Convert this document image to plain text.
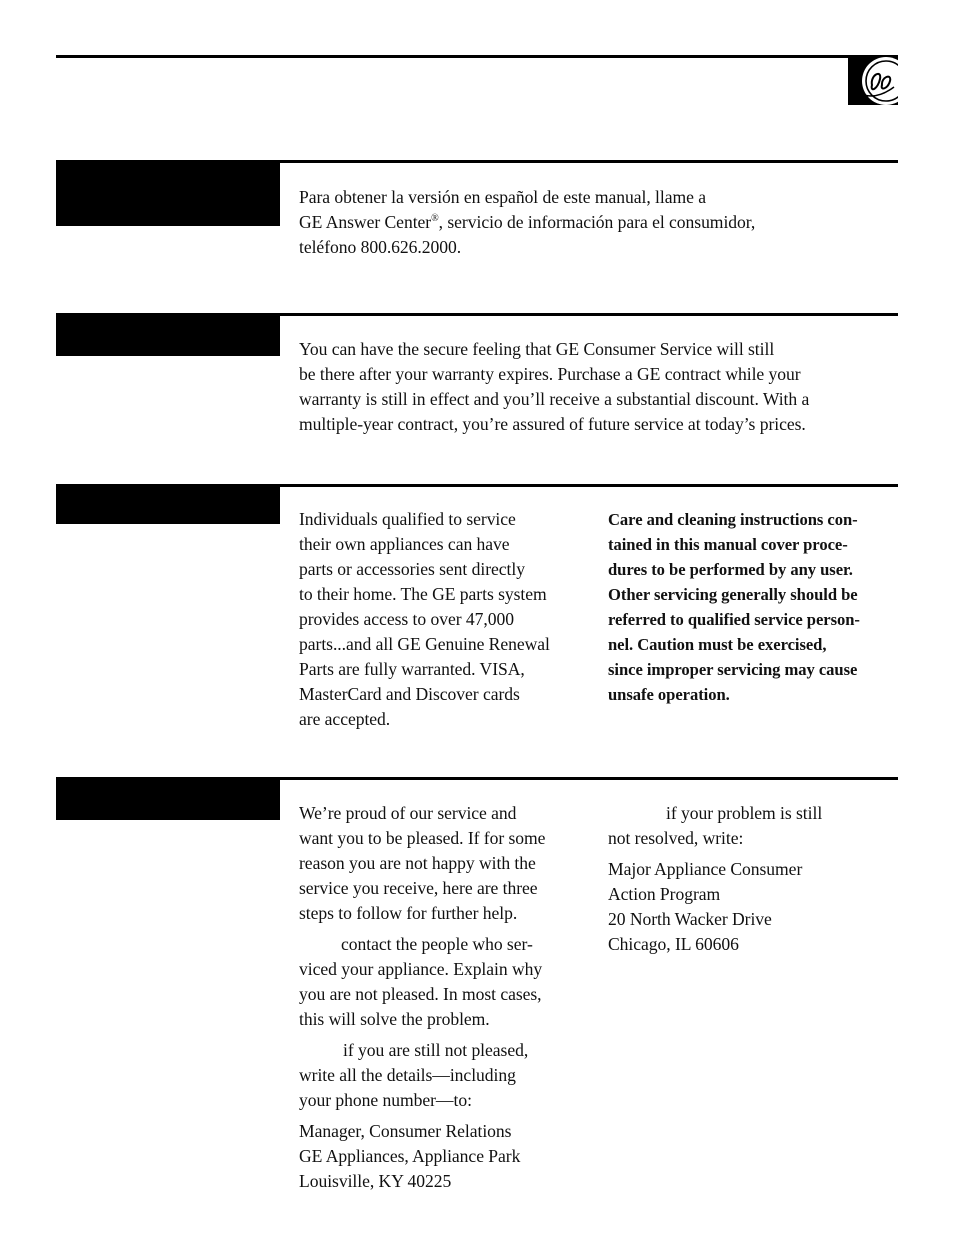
Para obtener la versión en español de este manual, llame a

GE Answer Center®, servicio de información para el consumidor,

teléfono 800.626.2000.

You can have the secure feeling that GE Consumer Service will still

be there after your warranty expires. Purchase a GE contract while your

warranty is still in effect and you’ll receive a substantial discount. With a

multiple-year contract, you’re assured of future service at today’s prices.

Individuals qualified to service

their own appliances can have

parts or accessories sent directly

to their home. The GE parts system

provides access to over 47,000

parts...and all GE Genuine Renewal

Parts are fully warranted. VISA,

MasterCard and Discover cards

are accepted.

Care and cleaning instructions con-

tained in this manual cover proce-

dures to be performed by any user.

Other servicing generally should be

referred to qualified service person-

nel. Caution must be exercised,

since improper servicing may cause

unsafe operation.

We’re proud of our service and

want you to be pleased. If for some

reason you are not happy with the

service you receive, here are three

steps to follow for further help.

contact the people who ser-

viced your appliance. Explain why

you are not pleased. In most cases,

this will solve the problem.

if you are still not pleased,

write all the details—including

your phone number—to:

Manager, Consumer Relations

GE Appliances, Appliance Park

Louisville, KY 40225

if your problem is still

not resolved, write:

Major Appliance Consumer

Action Program

20 North Wacker Drive

Chicago, IL 60606
